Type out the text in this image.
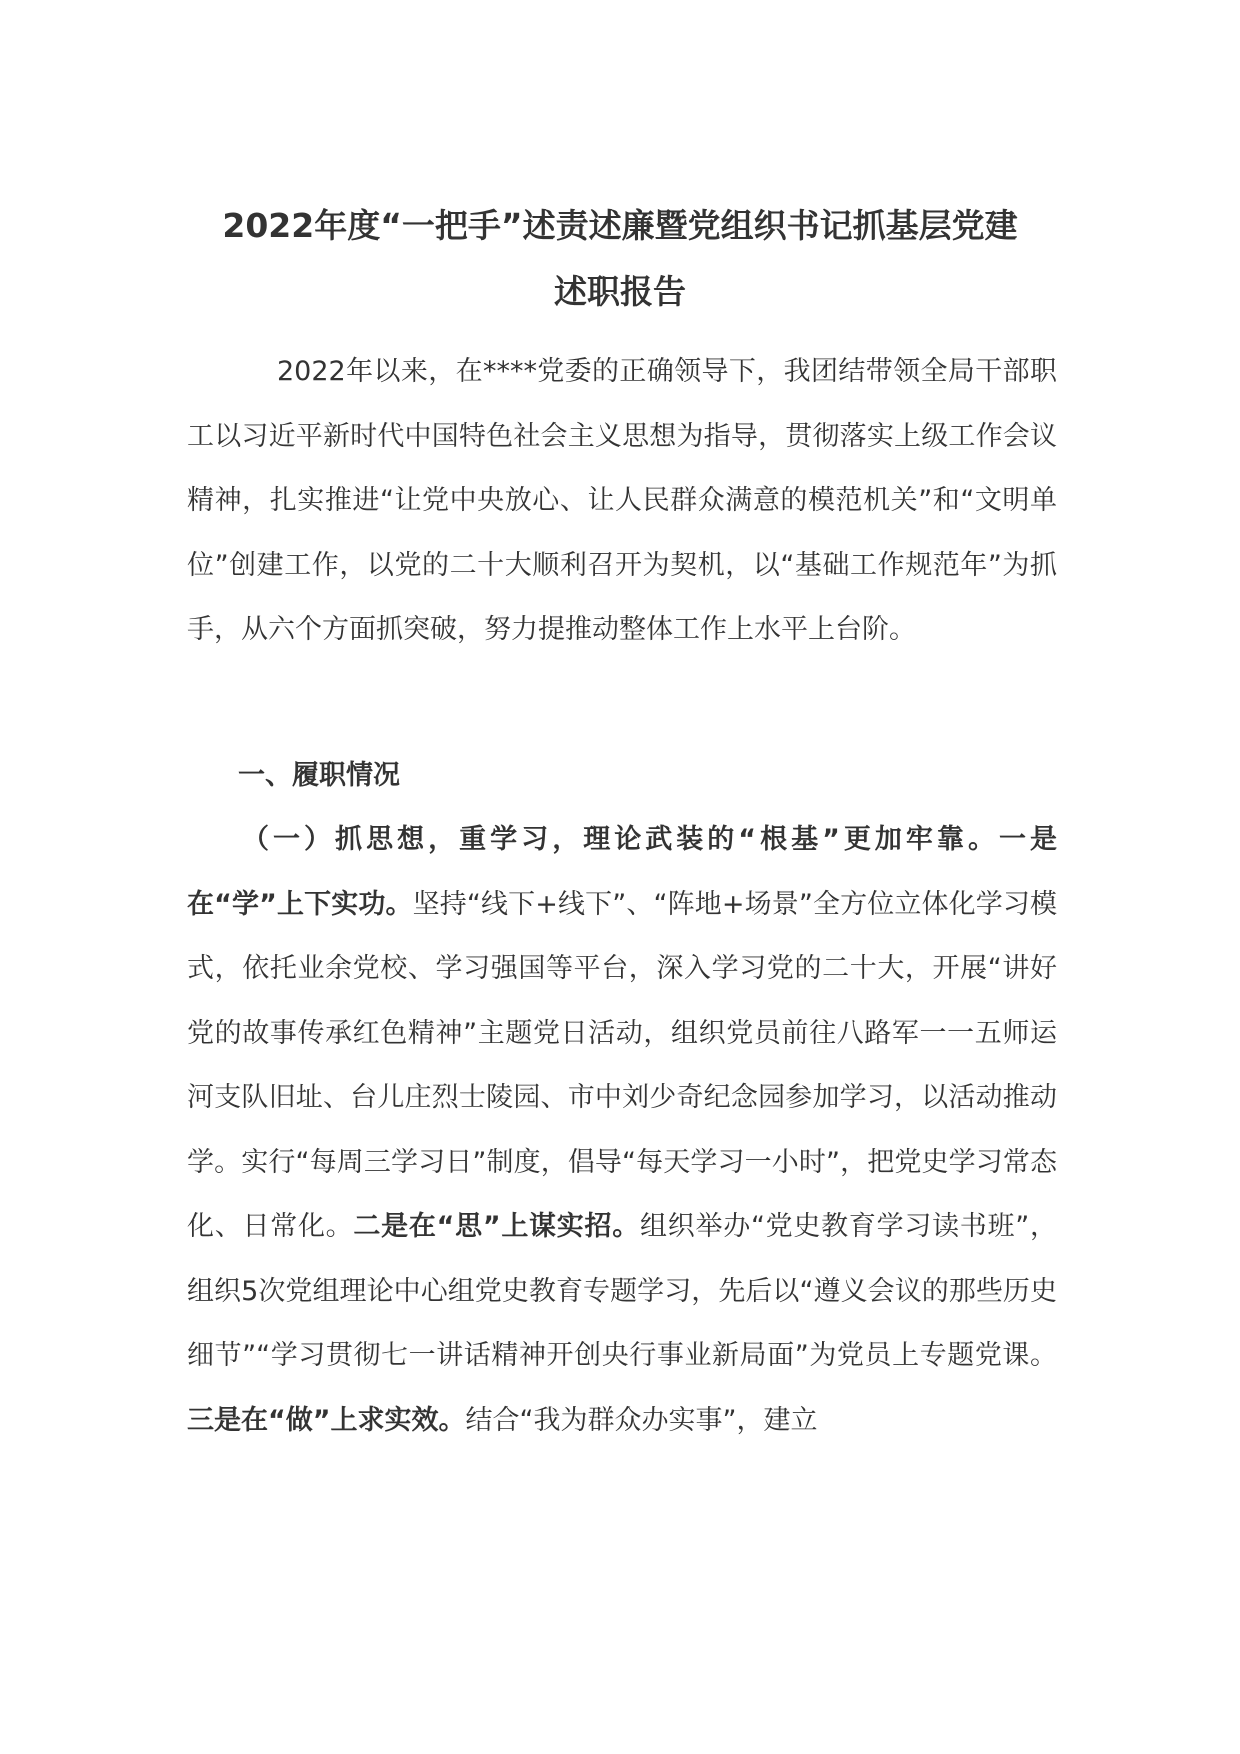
2022年度“一把手”述责述廉暨党组织书记抓基层党建
述职报告
2022年以来，在****党委的正确领导下，我团结带领全局干部职工以习近平新时代中国特色社会主义思想为指导，贯彻落实上级工作会议精神，扎实推进“让党中央放心、让人民群众满意的模范机关”和“文明单位”创建工作，以党的二十大顺利召开为契机，以“基础工作规范年”为抓手，从六个方面抓突破，努力提推动整体工作上水平上台阶。
一、履职情况
（一）抓思想，重学习，理论武装的“根基”更加牢靠。一是在“学”上下实功。坚持“线下+线下”、“阵地+场景”全方位立体化学习模式，依托业余党校、学习强国等平台，深入学习党的二十大，开展“讲好党的故事传承红色精神”主题党日活动，组织党员前往八路军一一五师运河支队旧址、台儿庄烈士陵园、市中刘少奇纪念园参加学习，以活动推动学。实行“每周三学习日”制度，倡导“每天学习一小时”，把党史学习常态化、日常化。二是在“思”上谋实招。组织举办“党史教育学习读书班”，组织5次党组理论中心组党史教育专题学习，先后以“遵义会议的那些历史细节”“学习贯彻七一讲话精神开创央行事业新局面”为党员上专题党课。三是在“做”上求实效。结合“我为群众办实事”，建立
